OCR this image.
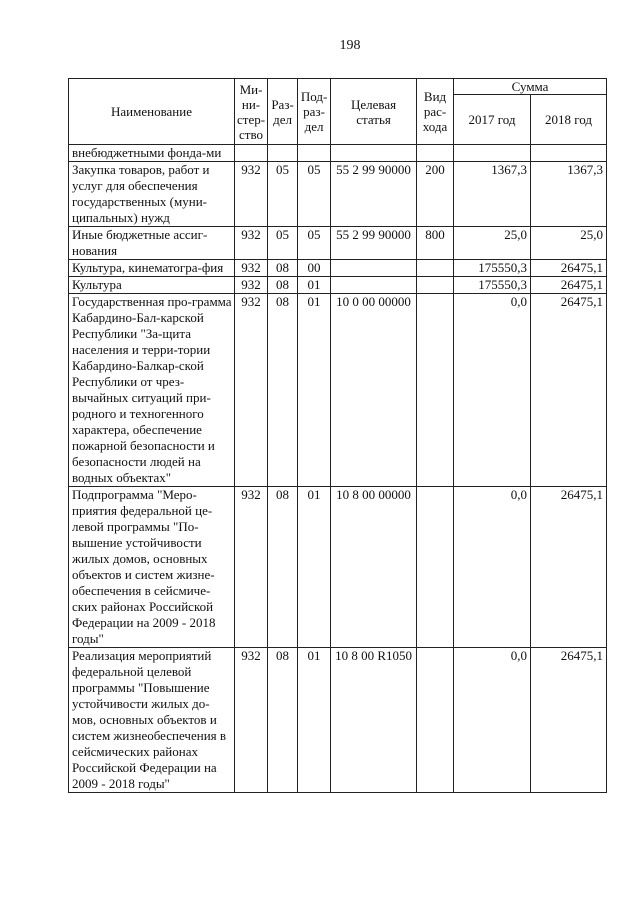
198
Наименование	Ми-ни-стер-ство	Раз-дел	Под-раз-дел	Целевая статья	Вид рас-хода	Сумма	
						2017 год	2018 год
внебюджетными фонда-ми							
Закупка товаров, работ и услуг для обеспечения государственных (муни-ципальных) нужд	932	05	05	55 2 99 90000	200	1367,3	1367,3
Иные бюджетные ассиг-нования	932	05	05	55 2 99 90000	800	25,0	25,0
Культура, кинематогра-фия	932	08	00			175550,3	26475,1
Культура	932	08	01			175550,3	26475,1
Государственная про-грамма Кабардино-Бал-карской Республики "За-щита населения и терри-тории Кабардино-Балкар-ской Республики от чрез-вычайных ситуаций при-родного и техногенного характера, обеспечение пожарной безопасности и безопасности людей на водных объектах"	932	08	01	10 0 00 00000		0,0	26475,1
Подпрограмма "Меро-приятия федеральной це-левой программы "По-вышение устойчивости жилых домов, основных объектов и систем жизне-обеспечения в сейсмиче-ских районах Российской Федерации на 2009 - 2018 годы"	932	08	01	10 8 00 00000		0,0	26475,1
Реализация мероприятий федеральной целевой программы "Повышение устойчивости жилых до-мов, основных объектов и систем жизнеобеспечения в сейсмических районах Российской Федерации на 2009 - 2018 годы"	932	08	01	10 8 00 R1050		0,0	26475,1
